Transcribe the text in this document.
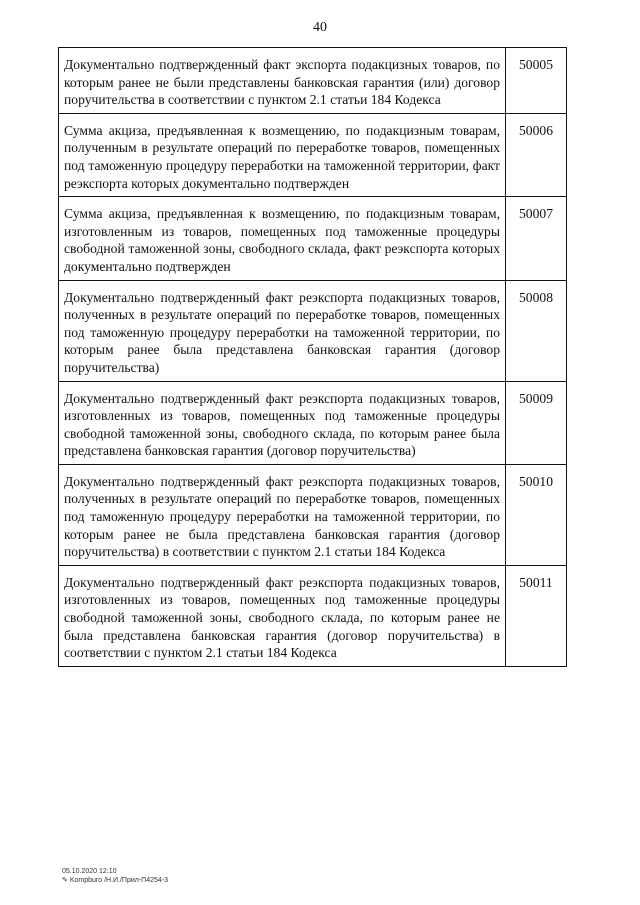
40
Документально подтвержденный факт экспорта подакцизных товаров, по которым ранее не были представлены банковская гарантия (или) договор поручительства в соответствии с пунктом 2.1 статьи 184 Кодекса	50005
Сумма акциза, предъявленная к возмещению, по подакцизным товарам, полученным в результате операций по переработке товаров, помещенных под таможенную процедуру переработки на таможенной территории, факт реэкспорта которых документально подтвержден	50006
Сумма акциза, предъявленная к возмещению, по подакцизным товарам, изготовленным из товаров, помещенных под таможенные процедуры свободной таможенной зоны, свободного склада, факт реэкспорта которых документально подтвержден	50007
Документально подтвержденный факт реэкспорта подакцизных товаров, полученных в результате операций по переработке товаров, помещенных под таможенную процедуру переработки на таможенной территории, по которым ранее была представлена банковская гарантия (договор поручительства)	50008
Документально подтвержденный факт реэкспорта подакцизных товаров, изготовленных из товаров, помещенных под таможенные процедуры свободной таможенной зоны, свободного склада, по которым ранее была представлена банковская гарантия (договор поручительства)	50009
Документально подтвержденный факт реэкспорта подакцизных товаров, полученных в результате операций по переработке товаров, помещенных под таможенную процедуру переработки на таможенной территории, по которым ранее не была представлена банковская гарантия (договор поручительства) в соответствии с пунктом 2.1 статьи 184 Кодекса	50010
Документально подтвержденный факт реэкспорта подакцизных товаров, изготовленных из товаров, помещенных под таможенные процедуры свободной таможенной зоны, свободного склада, по которым ранее не была представлена банковская гарантия (договор поручительства) в соответствии с пунктом 2.1 статьи 184 Кодекса	50011
05.10.2020 12:10
✎ Kompburo /Н.И./Прил-П4254-3
